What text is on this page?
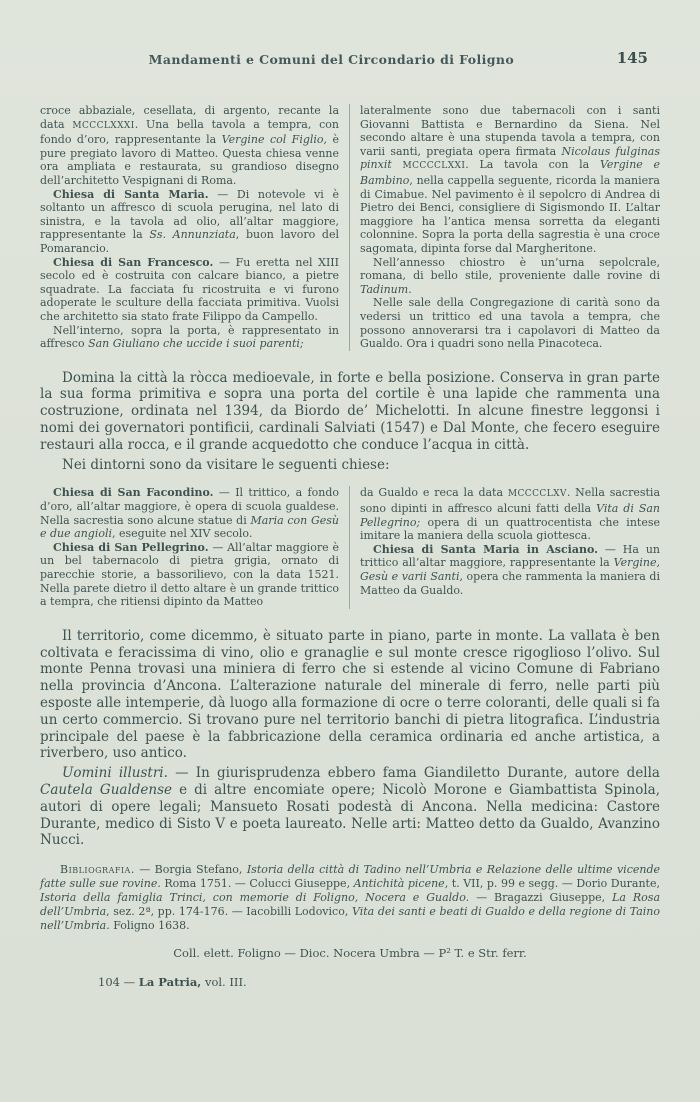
Mandamenti e Comuni del Circondario di Foligno	145

croce abbaziale, cesellata, di argento, recante la data MCCCLXXXI. Una bella tavola a tempra, con fondo d’oro, rappresentante la Vergine col Figlio, è pure pregiato lavoro di Matteo. Questa chiesa venne ora ampliata e restaurata, su grandioso disegno dell’architetto Vespignani di Roma.

Chiesa di Santa Maria. — Di notevole vi è soltanto un affresco di scuola perugina, nel lato di sinistra, e la tavola ad olio, all’altar maggiore, rappresentante la Ss. Annunziata, buon lavoro del Pomarancio.

Chiesa di San Francesco. — Fu eretta nel XIII secolo ed è costruita con calcare bianco, a pietre squadrate. La facciata fu ricostruita e vi furono adoperate le sculture della facciata primitiva. Vuolsi che architetto sia stato frate Filippo da Campello.

Nell’interno, sopra la porta, è rappresentato in affresco San Giuliano che uccide i suoi parenti;

lateralmente sono due tabernacoli con i santi Giovanni Battista e Bernardino da Siena. Nel secondo altare è una stupenda tavola a tempra, con varii santi, pregiata opera firmata Nicolaus fulginas pinxit MCCCCLXXI. La tavola con la Vergine e Bambino, nella cappella seguente, ricorda la maniera di Cimabue. Nel pavimento è il sepolcro di Andrea di Pietro dei Benci, consigliere di Sigismondo II. L’altar maggiore ha l’antica mensa sorretta da eleganti colonnine. Sopra la porta della sagrestia è una croce sagomata, dipinta forse dal Margheritone.

Nell’annesso chiostro è un’urna sepolcrale, romana, di bello stile, proveniente dalle rovine di Tadinum.

Nelle sale della Congregazione di carità sono da vedersi un trittico ed una tavola a tempra, che possono annoverarsi tra i capolavori di Matteo da Gualdo. Ora i quadri sono nella Pinacoteca.

Domina la città la ròcca medioevale, in forte e bella posizione. Conserva in gran parte la sua forma primitiva e sopra una porta del cortile è una lapide che rammenta una costruzione, ordinata nel 1394, da Biordo de’ Michelotti. In alcune finestre leggonsi i nomi dei governatori pontificii, cardinali Salviati (1547) e Dal Monte, che fecero eseguire restauri alla rocca, e il grande acquedotto che conduce l’acqua in città.

Nei dintorni sono da visitare le seguenti chiese:

Chiesa di San Facondino. — Il trittico, a fondo d’oro, all’altar maggiore, è opera di scuola gualdese. Nella sacrestia sono alcune statue di Maria con Gesù e due angioli, eseguite nel XIV secolo.

Chiesa di San Pellegrino. — All’altar maggiore è un bel tabernacolo di pietra grigia, ornato di parecchie storie, a bassorilievo, con la data 1521. Nella parete dietro il detto altare è un grande trittico a tempra, che ritiensi dipinto da Matteo

da Gualdo e reca la data MCCCCLXV. Nella sacrestia sono dipinti in affresco alcuni fatti della Vita di San Pellegrino; opera di un quattrocentista che intese imitare la maniera della scuola giottesca.

Chiesa di Santa Maria in Asciano. — Ha un trittico all’altar maggiore, rappresentante la Vergine, Gesù e varii Santi, opera che rammenta la maniera di Matteo da Gualdo.

Il territorio, come dicemmo, è situato parte in piano, parte in monte. La vallata è ben coltivata e feracissima di vino, olio e granaglie e sul monte cresce rigoglioso l’olivo. Sul monte Penna trovasi una miniera di ferro che si estende al vicino Comune di Fabriano nella provincia d’Ancona. L’alterazione naturale del minerale di ferro, nelle parti più esposte alle intemperie, dà luogo alla formazione di ocre o terre coloranti, delle quali si fa un certo commercio. Si trovano pure nel territorio banchi di pietra litografica. L’industria principale del paese è la fabbricazione della ceramica ordinaria ed anche artistica, a riverbero, uso antico.

Uomini illustri. — In giurisprudenza ebbero fama Giandiletto Durante, autore della Cautela Gualdense e di altre encomiate opere; Nicolò Morone e Giambattista Spinola, autori di opere legali; Mansueto Rosati podestà di Ancona. Nella medicina: Castore Durante, medico di Sisto V e poeta laureato. Nelle arti: Matteo detto da Gualdo, Avanzino Nucci.

Bibliografia. — Borgia Stefano, Istoria della città di Tadino nell’Umbria e Relazione delle ultime vicende fatte sulle sue rovine. Roma 1751. — Colucci Giuseppe, Antichità picene, t. VII, p. 99 e segg. — Dorio Durante, Istoria della famiglia Trinci, con memorie di Foligno, Nocera e Gualdo. — Bragazzi Giuseppe, La Rosa dell’Umbria, sez. 2ª, pp. 174-176. — Iacobilli Lodovico, Vita dei santi e beati di Gualdo e della regione di Taino nell’Umbria. Foligno 1638.

Coll. elett. Foligno — Dioc. Nocera Umbra — P² T. e Str. ferr.

104 — La Patria, vol. III.
